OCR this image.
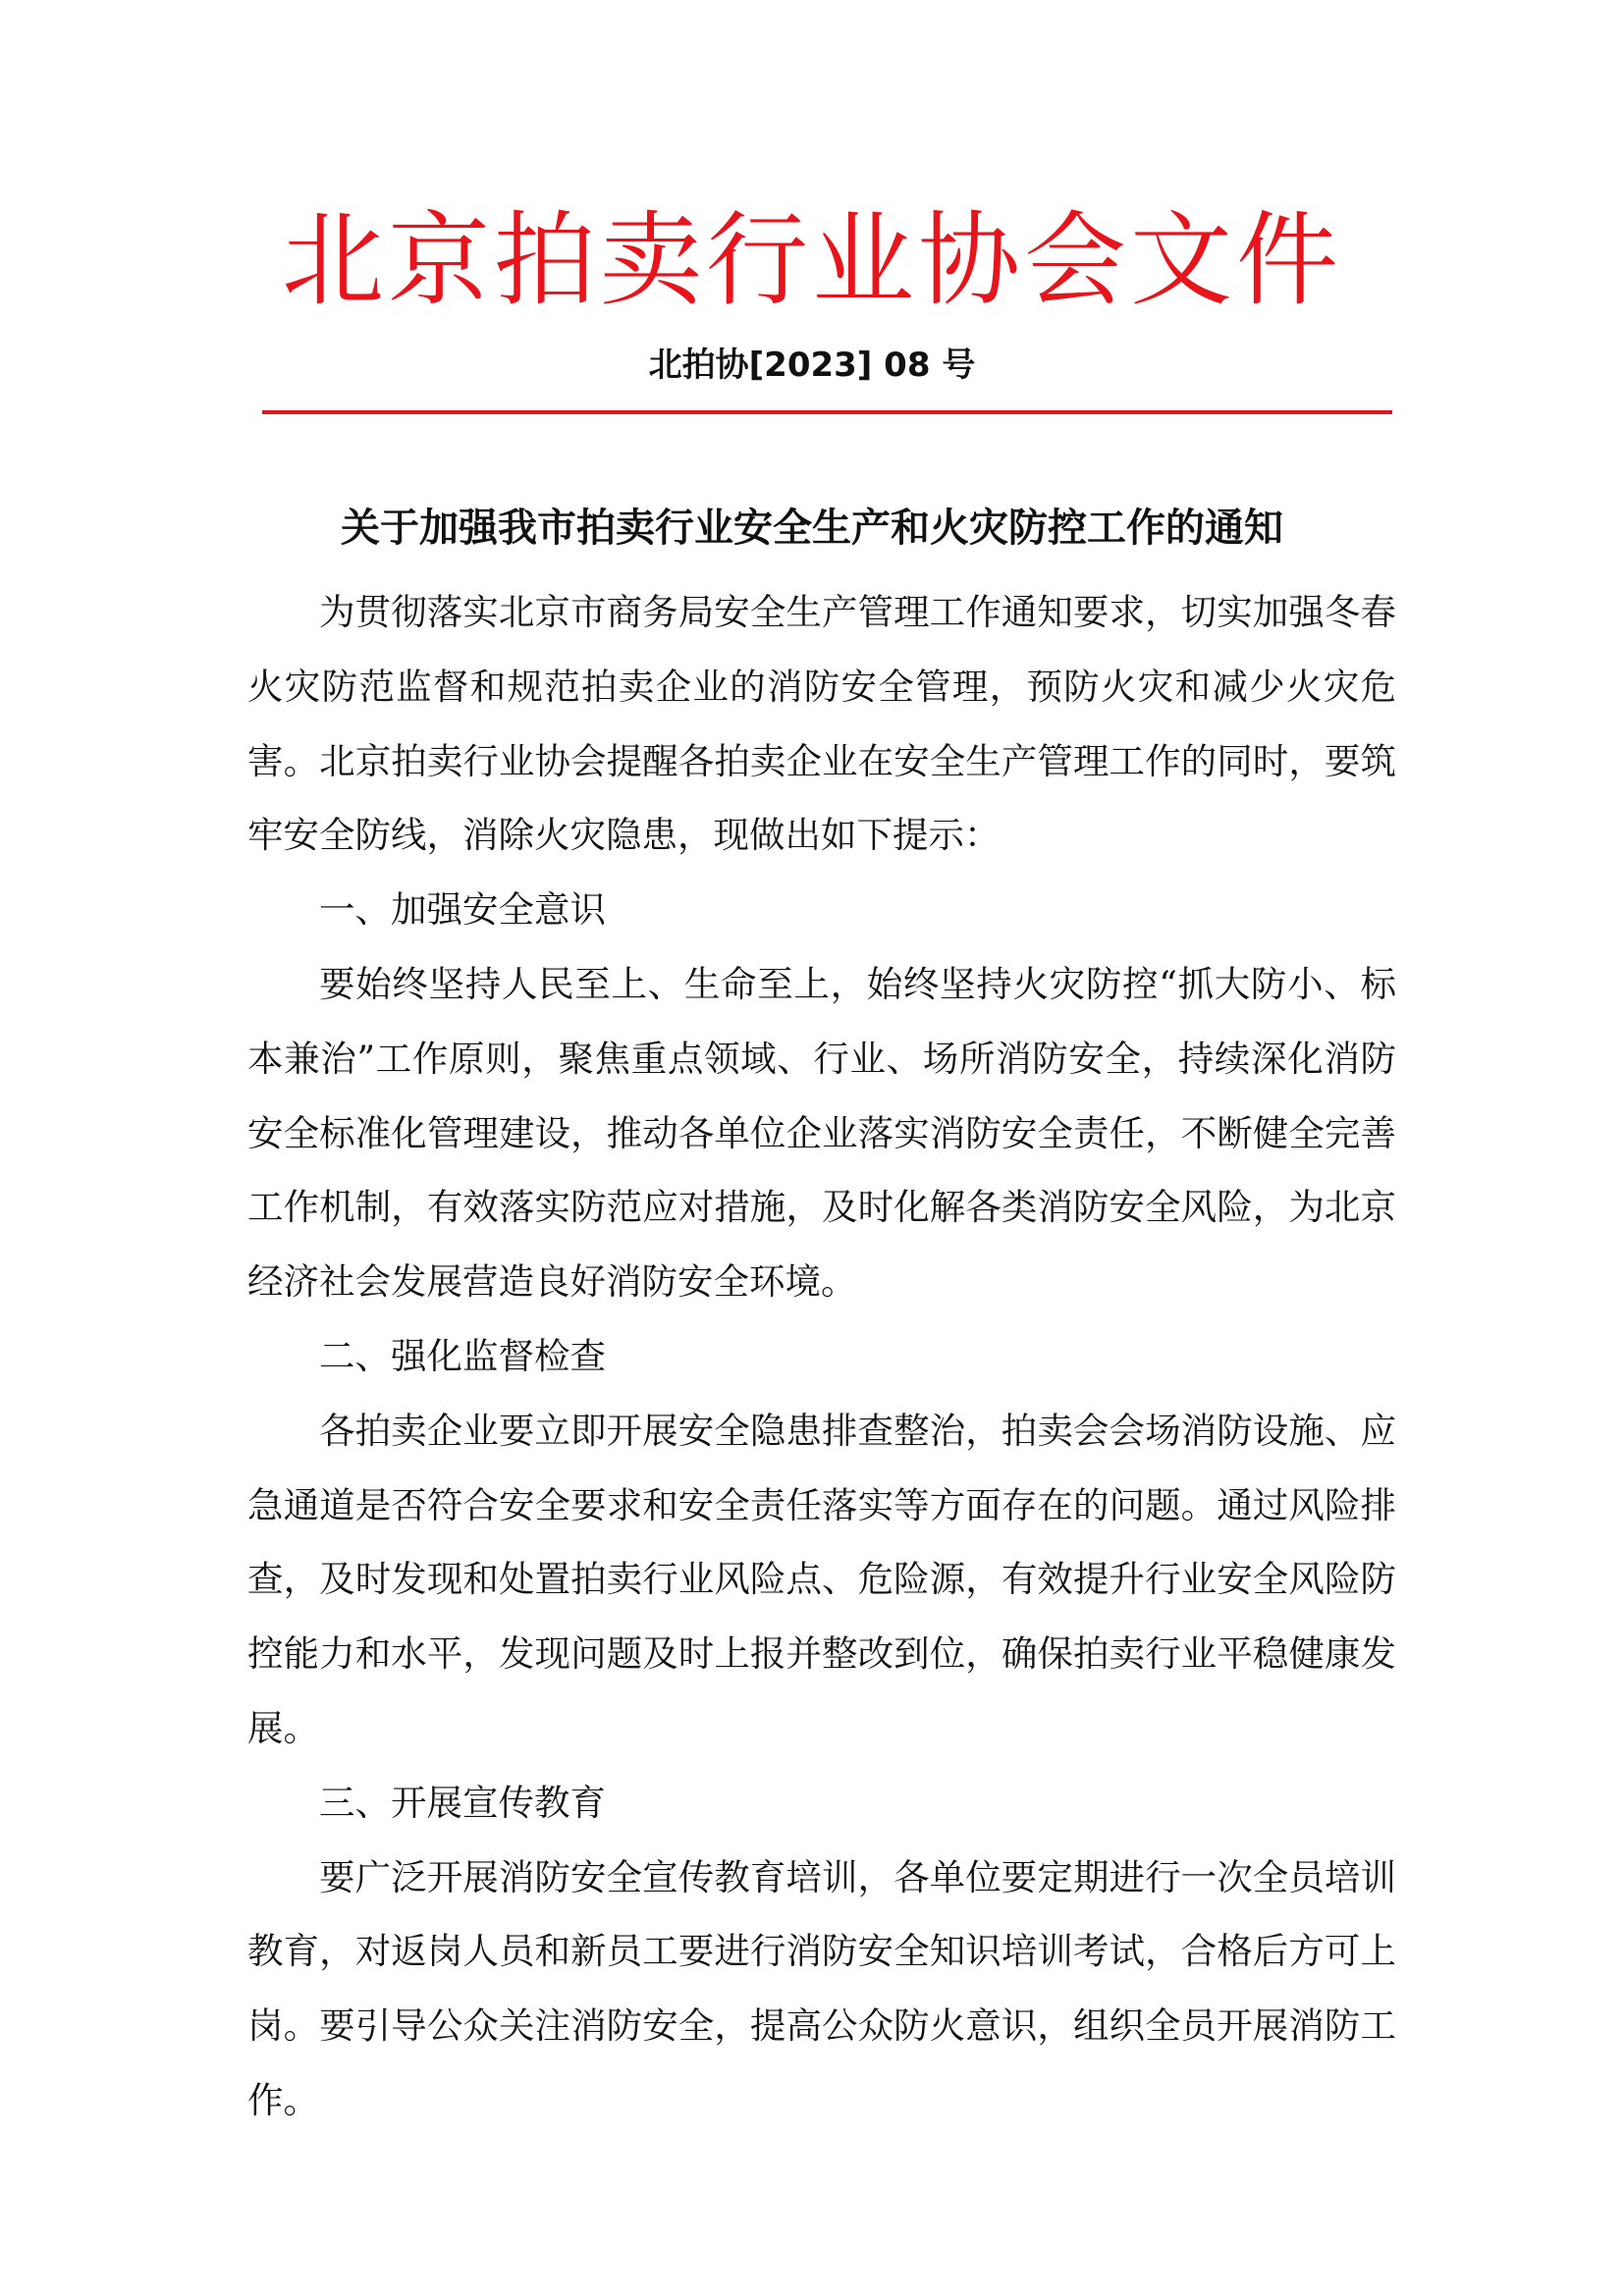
北京拍卖行业协会文件
北拍协[2023] 08 号
关于加强我市拍卖行业安全生产和火灾防控工作的通知

为贯彻落实北京市商务局安全生产管理工作通知要求，切实加强冬春火灾防范监督和规范拍卖企业的消防安全管理，预防火灾和减少火灾危害。北京拍卖行业协会提醒各拍卖企业在安全生产管理工作的同时，要筑牢安全防线，消除火灾隐患，现做出如下提示：

一、加强安全意识

要始终坚持人民至上、生命至上，始终坚持火灾防控“抓大防小、标本兼治”工作原则，聚焦重点领域、行业、场所消防安全，持续深化消防安全标准化管理建设，推动各单位企业落实消防安全责任，不断健全完善工作机制，有效落实防范应对措施，及时化解各类消防安全风险，为北京经济社会发展营造良好消防安全环境。

二、强化监督检查

各拍卖企业要立即开展安全隐患排查整治，拍卖会会场消防设施、应急通道是否符合安全要求和安全责任落实等方面存在的问题。通过风险排查，及时发现和处置拍卖行业风险点、危险源，有效提升行业安全风险防控能力和水平，发现问题及时上报并整改到位，确保拍卖行业平稳健康发展。

三、开展宣传教育

要广泛开展消防安全宣传教育培训，各单位要定期进行一次全员培训教育，对返岗人员和新员工要进行消防安全知识培训考试，合格后方可上岗。要引导公众关注消防安全，提高公众防火意识，组织全员开展消防工作。
